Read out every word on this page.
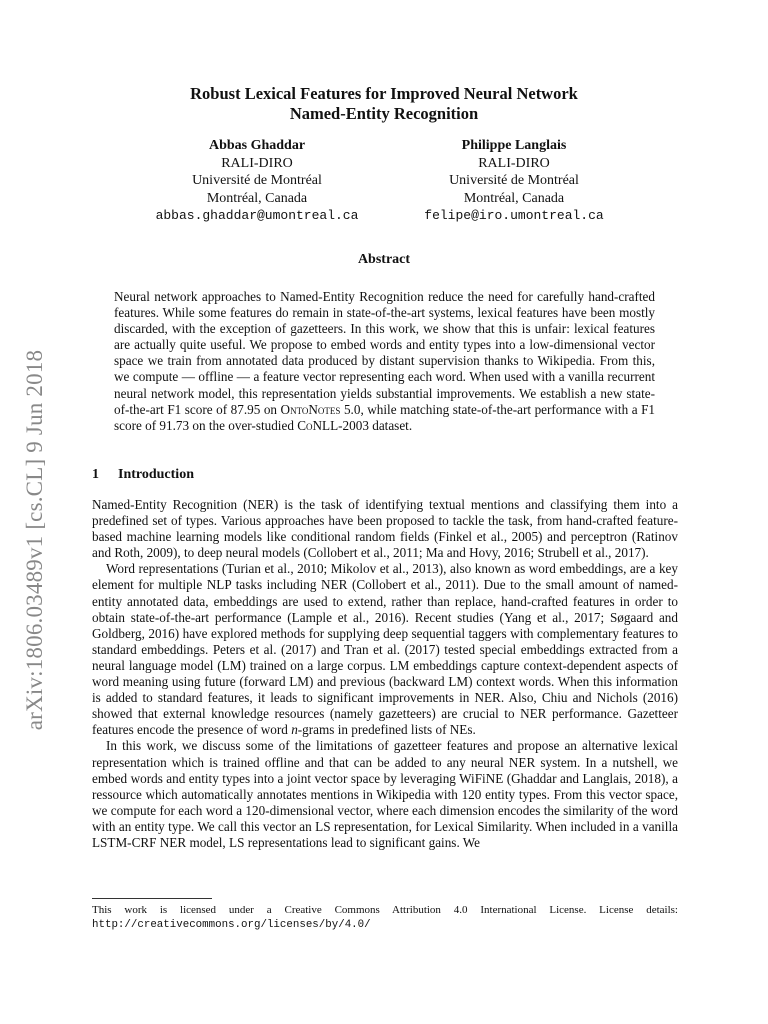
arXiv:1806.03489v1 [cs.CL] 9 Jun 2018
Robust Lexical Features for Improved Neural Network
Named-Entity Recognition
Abbas Ghaddar
RALI-DIRO
Université de Montréal
Montréal, Canada
abbas.ghaddar@umontreal.ca
Philippe Langlais
RALI-DIRO
Université de Montréal
Montréal, Canada
felipe@iro.umontreal.ca
Abstract
Neural network approaches to Named-Entity Recognition reduce the need for carefully hand-crafted features. While some features do remain in state-of-the-art systems, lexical features have been mostly discarded, with the exception of gazetteers. In this work, we show that this is unfair: lexical features are actually quite useful. We propose to embed words and entity types into a low-dimensional vector space we train from annotated data produced by distant supervision thanks to Wikipedia. From this, we compute — offline — a feature vector representing each word. When used with a vanilla recurrent neural network model, this representation yields substantial improvements. We establish a new state-of-the-art F1 score of 87.95 on OntoNotes 5.0, while matching state-of-the-art performance with a F1 score of 91.73 on the over-studied CoNLL-2003 dataset.
1 Introduction

Named-Entity Recognition (NER) is the task of identifying textual mentions and classifying them into a predefined set of types. Various approaches have been proposed to tackle the task, from hand-crafted feature-based machine learning models like conditional random fields (Finkel et al., 2005) and perceptron (Ratinov and Roth, 2009), to deep neural models (Collobert et al., 2011; Ma and Hovy, 2016; Strubell et al., 2017).

Word representations (Turian et al., 2010; Mikolov et al., 2013), also known as word embeddings, are a key element for multiple NLP tasks including NER (Collobert et al., 2011). Due to the small amount of named-entity annotated data, embeddings are used to extend, rather than replace, hand-crafted features in order to obtain state-of-the-art performance (Lample et al., 2016). Recent studies (Yang et al., 2017; Søgaard and Goldberg, 2016) have explored methods for supplying deep sequential taggers with complementary features to standard embeddings. Peters et al. (2017) and Tran et al. (2017) tested special embeddings extracted from a neural language model (LM) trained on a large corpus. LM embeddings capture context-dependent aspects of word meaning using future (forward LM) and previous (backward LM) context words. When this information is added to standard features, it leads to significant improvements in NER. Also, Chiu and Nichols (2016) showed that external knowledge resources (namely gazetteers) are crucial to NER performance. Gazetteer features encode the presence of word n-grams in predefined lists of NEs.

In this work, we discuss some of the limitations of gazetteer features and propose an alternative lexical representation which is trained offline and that can be added to any neural NER system. In a nutshell, we embed words and entity types into a joint vector space by leveraging WiFiNE (Ghaddar and Langlais, 2018), a ressource which automatically annotates mentions in Wikipedia with 120 entity types. From this vector space, we compute for each word a 120-dimensional vector, where each dimension encodes the similarity of the word with an entity type. We call this vector an LS representation, for Lexical Similarity. When included in a vanilla LSTM-CRF NER model, LS representations lead to significant gains. We

This work is licensed under a Creative Commons Attribution 4.0 International License. License details: http://creativecommons.org/licenses/by/4.0/
